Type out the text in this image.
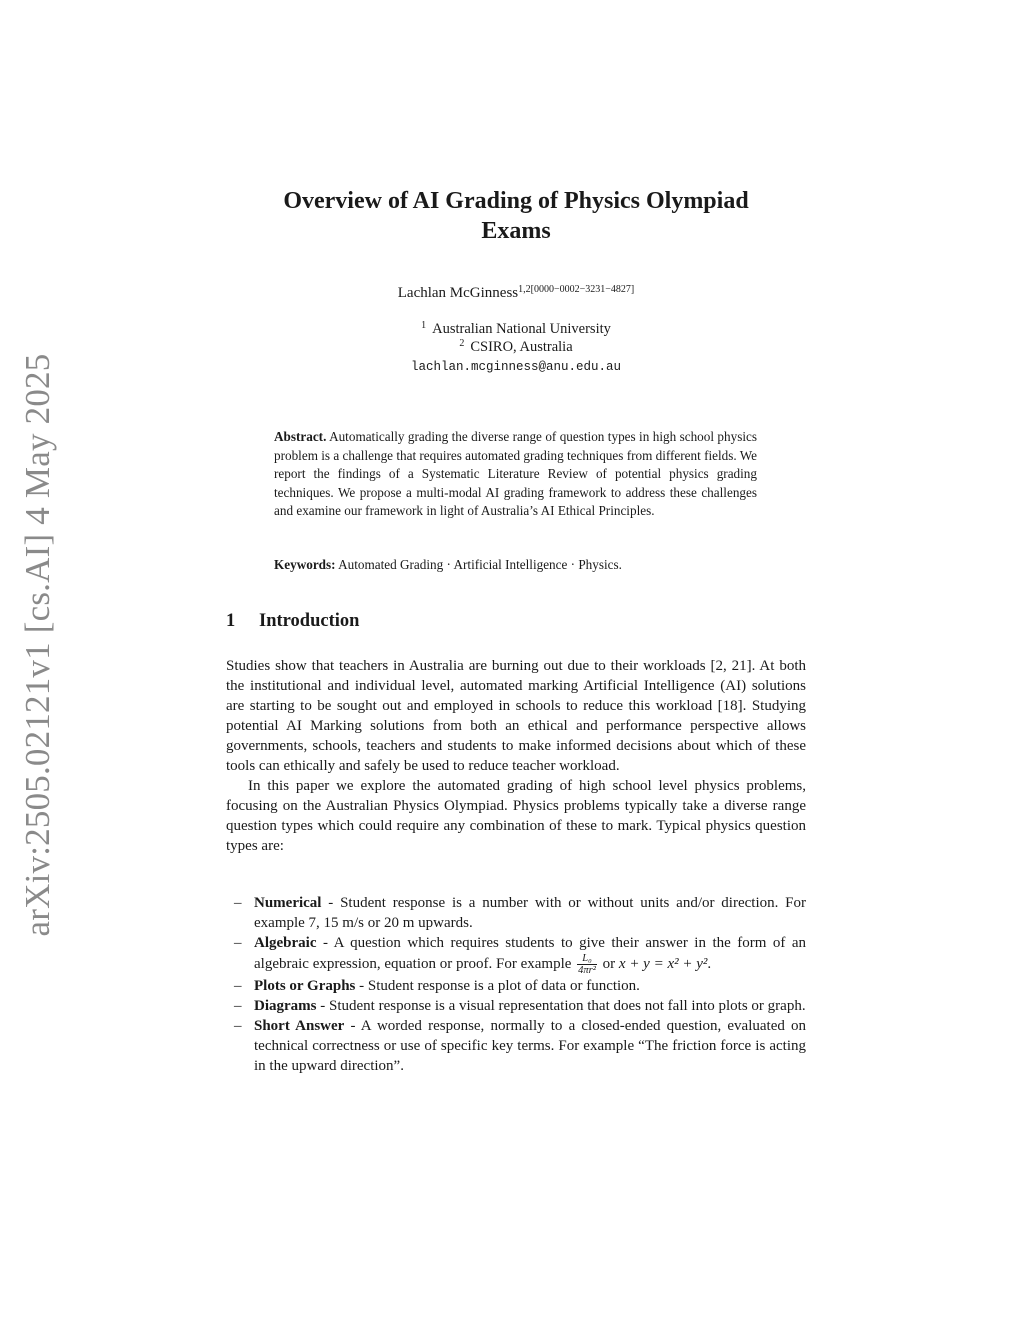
arXiv:2505.02121v1 [cs.AI] 4 May 2025
Overview of AI Grading of Physics Olympiad
Exams
Lachlan McGinness$^{1,2[0000-0002-3231-4827]}$
$^1$ Australian National University
$^2$ CSIRO, Australia
lachlan.mcginness@anu.edu.au
Abstract. Automatically grading the diverse range of question types in high school physics problem is a challenge that requires automated grading techniques from different fields. We report the findings of a Systematic Literature Review of potential physics grading techniques. We propose a multi-modal AI grading framework to address these challenges and examine our framework in light of Australia’s AI Ethical Principles.
Keywords: Automated Grading · Artificial Intelligence · Physics.
1 Introduction

Studies show that teachers in Australia are burning out due to their workloads [2, 21]. At both the institutional and individual level, automated marking Artificial Intelligence (AI) solutions are starting to be sought out and employed in schools to reduce this workload [18]. Studying potential AI Marking solutions from both an ethical and performance perspective allows governments, schools, teachers and students to make informed decisions about which of these tools can ethically and safely be used to reduce teacher workload.

In this paper we explore the automated grading of high school level physics problems, focusing on the Australian Physics Olympiad. Physics problems typically take a diverse range question types which could require any combination of these to mark. Typical physics question types are:

– Numerical - Student response is a number with or without units and/or direction. For example 7, 15 m/s or 20 m upwards.
– Algebraic - A question which requires students to give their answer in the form of an algebraic expression, equation or proof. For example $\frac{\text{L₀}}{\text{4πr²}}$ or x + y = x² + y².
– Plots or Graphs - Student response is a plot of data or function.
– Diagrams - Student response is a visual representation that does not fall into plots or graph.
– Short Answer - A worded response, normally to a closed-ended question, evaluated on technical correctness or use of specific key terms. For example “The friction force is acting in the upward direction”.
